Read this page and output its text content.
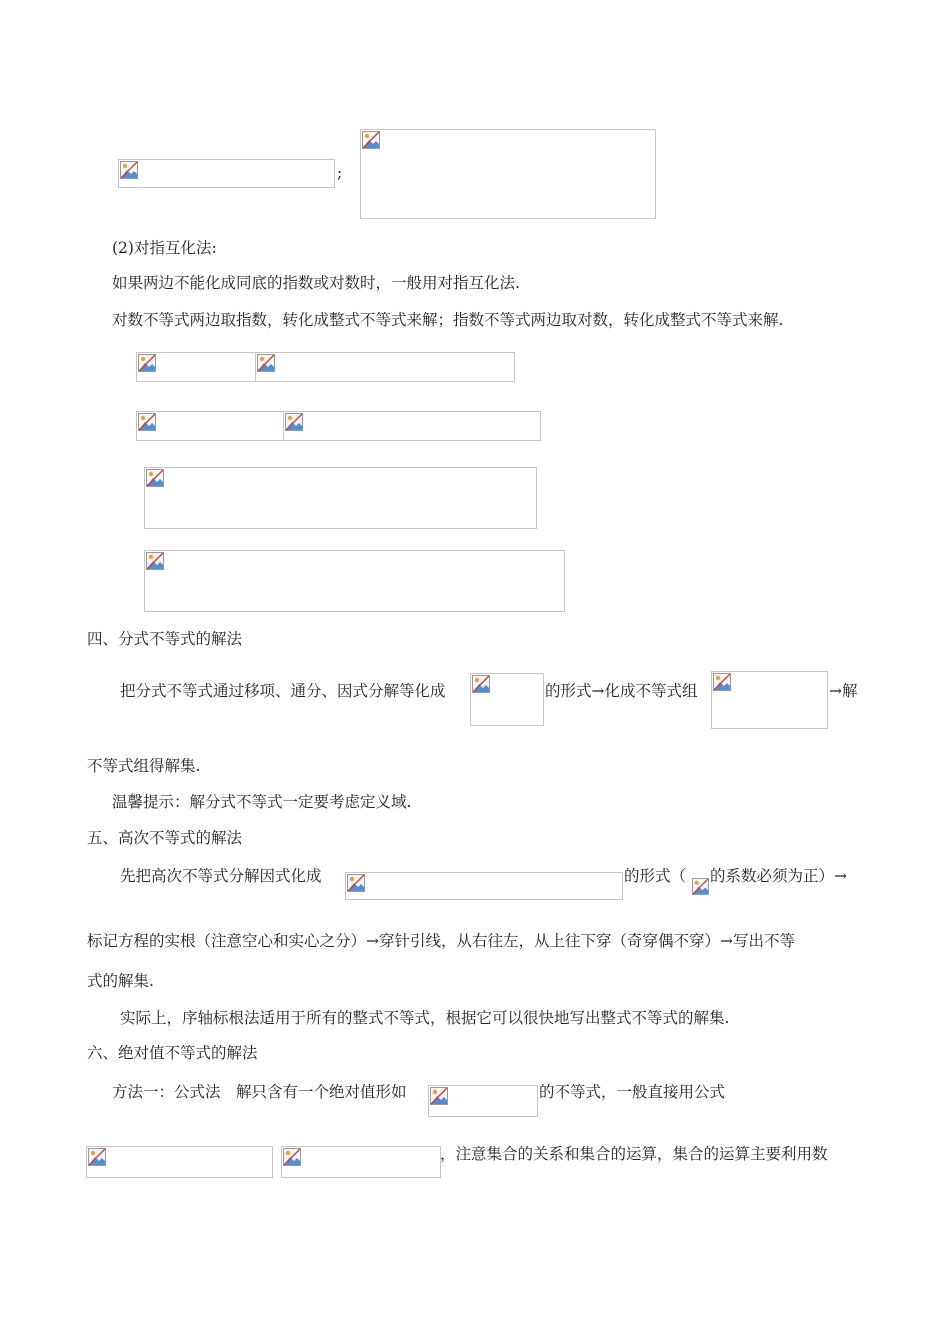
;
(2)对指互化法:
如果两边不能化成同底的指数或对数时，一般用对指互化法.
对数不等式两边取指数，转化成整式不等式来解；指数不等式两边取对数，转化成整式不等式来解.
四、分式不等式的解法
把分式不等式通过移项、通分、因式分解等化成	的形式→化成不等式组	→解
不等式组得解集.
温馨提示：解分式不等式一定要考虑定义域.
五、高次不等式的解法
先把高次不等式分解因式化成	的形式（ 的系数必须为正）→
标记方程的实根（注意空心和实心之分）→穿针引线，从右往左，从上往下穿（奇穿偶不穿）→写出不等
式的解集.
实际上，序轴标根法适用于所有的整式不等式，根据它可以很快地写出整式不等式的解集.
六、绝对值不等式的解法
方法一：公式法　解只含有一个绝对值形如	的不等式，一般直接用公式
，注意集合的关系和集合的运算，集合的运算主要利用数
